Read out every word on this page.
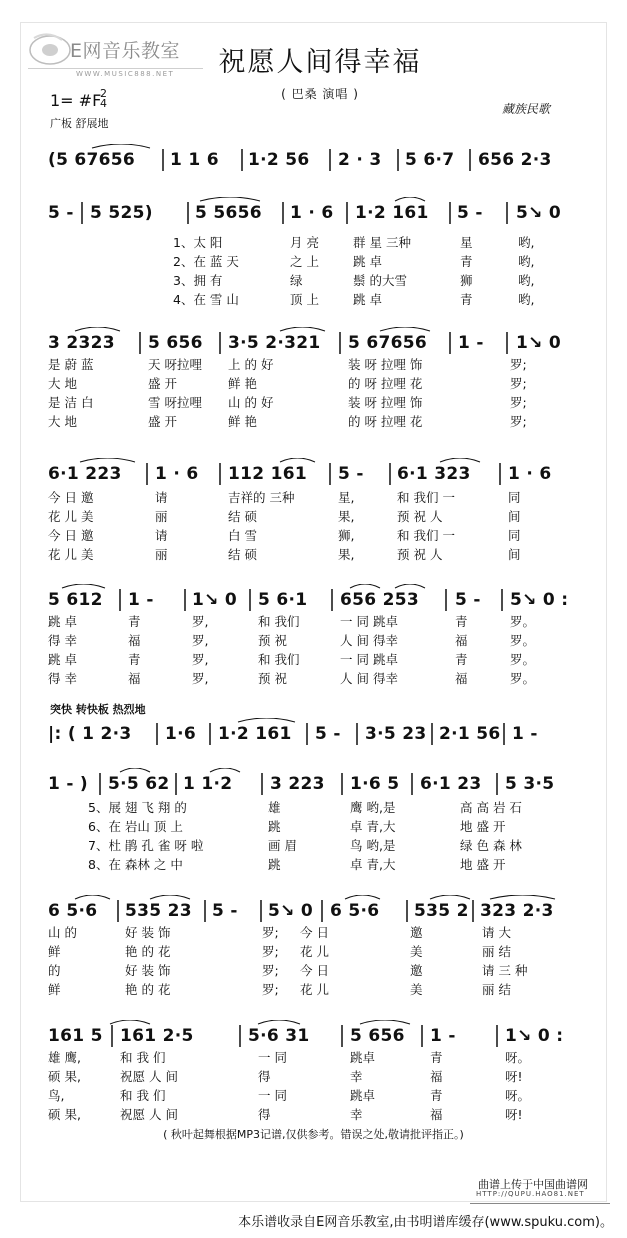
E网音乐教室
WWW.MUSIC888.NET	祝愿人间得幸福
( 巴桑 演唱 )
1= #F
2
4
广板 舒展地
藏族民歌
(5 67656 1 1 6 1·2 56 2 · 3 5 6·7 656 2·3
5 - 5 525) 5 5656 1 · 6 1·2 161 5 - 5↘ 0
1、太 阳	月 亮	群 星 三种	星	哟,
2、在 蓝 天	之 上	跳 卓	青	哟,
3、拥 有	绿	鬃 的大雪	狮	哟,
4、在 雪 山	顶 上	跳 卓	青	哟,
3 2323 5 656 3·5 2·321 5 67656 1 - 1↘ 0
是 蔚 蓝	天 呀拉哩 上 的 好	装 呀 拉哩 饰	罗;
大 地	盛 开	鲜 艳	的 呀 拉哩 花	罗;
是 洁 白	雪 呀拉哩 山 的 好	装 呀 拉哩 饰	罗;
大 地	盛 开	鲜 艳	的 呀 拉哩 花	罗;
6·1 223 1 · 6 112 161 5 - 6·1 323 1 · 6
今 日 邀	请	吉祥的 三种	星,	和 我们 一	同
花 儿 美	丽	结 硕	果,	预 祝 人	间
今 日 邀	请	白 雪	狮,	和 我们 一	同
花 儿 美	丽	结 硕	果,	预 祝 人	间
5 612 1 - 1↘ 0 5 6·1 656 253 5 - 5↘ 0 :
跳 卓	青	罗,	和 我们	一 同 跳卓	青	罗。
得 幸	福	罗,	预 祝	人 间 得幸	福	罗。
跳 卓	青	罗,	和 我们	一 同 跳卓	青	罗。
得 幸	福	罗,	预 祝	人 间 得幸	福	罗。
|: ( 1 2·3 1·6 1·2 161 5 - 3·5 23 2·1 56 1 -
1 - ) 5·5 62 1 1·2 3 223 1·6 5 6·1 23 5 3·5
5、展 翅 飞 翔 的	雄	鹰 哟,是	高 高 岩 石
6、在 岩山 顶 上	跳	卓 青,大	地 盛 开
7、杜 鹃 孔 雀 呀 啦	画 眉	鸟 哟,是	绿 色 森 林
8、在 森林 之 中	跳	卓 青,大	地 盛 开
6 5·6 535 23 5 - 5↘ 0 6 5·6 535 2 323 2·3
山 的	好 装 饰	罗; 今 日	邀	请 大
鲜	艳 的 花	罗; 花 儿	美	丽 结
的	好 装 饰	罗; 今 日	邀	请 三 种
鲜	艳 的 花	罗; 花 儿	美	丽 结
161 5 161 2·5	5·6 31 5 656 1 -	1↘ 0 :
雄 鹰,	和 我 们	一 同	跳卓	青	呀。
硕 果,	祝愿 人 间	得	幸	福	呀!
鸟,	和 我 们	一 同	跳卓	青	呀。
硕 果,	祝愿 人 间	得	幸	福	呀!
突快 转快板 热烈地
( 秋叶起舞根据MP3记谱,仅供参考。错误之处,敬请批评指正。)
曲谱上传于中国曲谱网
HTTP://QUPU.HAO81.NET
本乐谱收录自E网音乐教室,由书明谱库缓存(www.spuku.com)。
